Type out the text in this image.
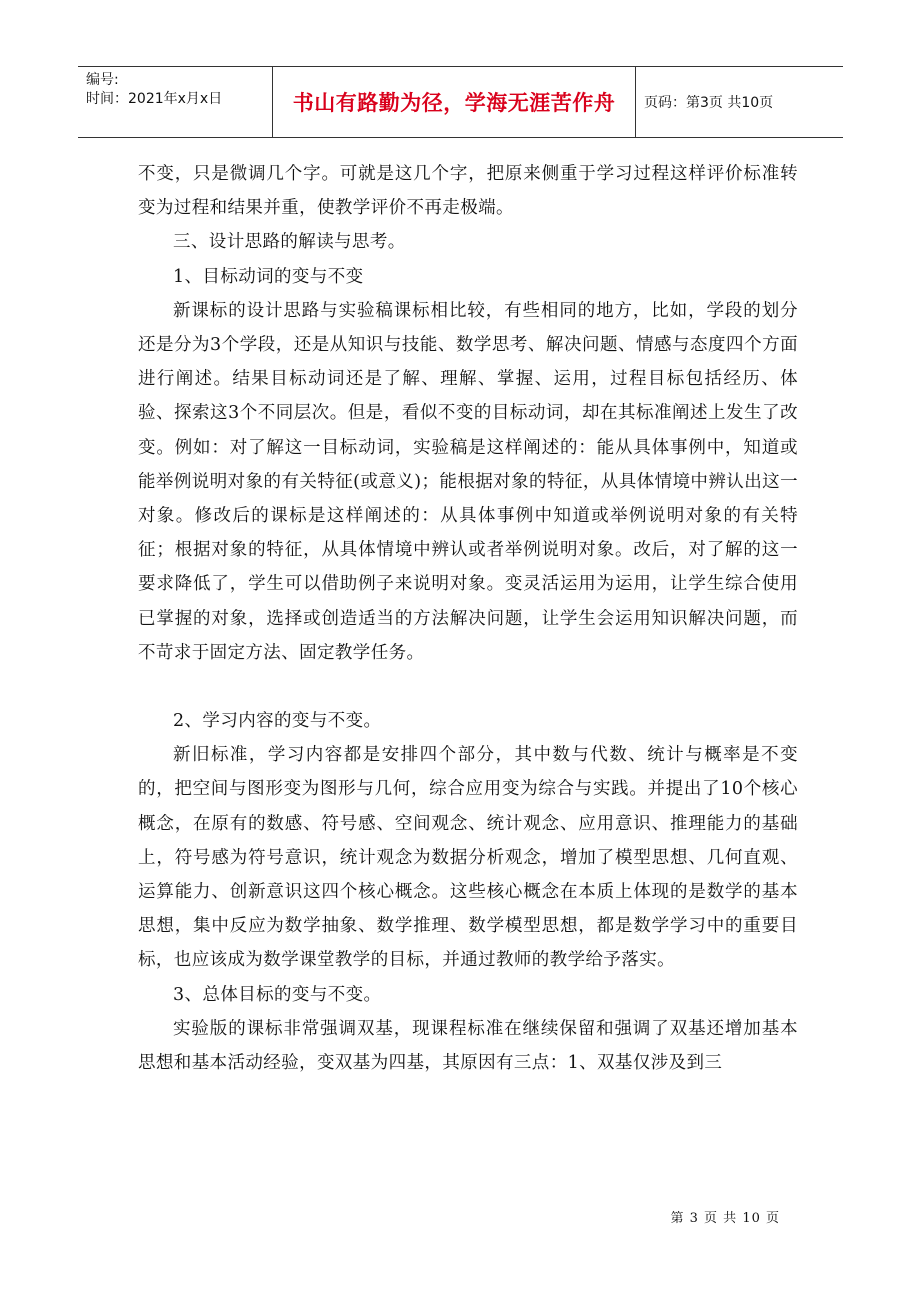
编号:
时间：2021年x月x日	书山有路勤为径，学海无涯苦作舟	页码：第3页 共10页

不变，只是微调几个字。可就是这几个字，把原来侧重于学习过程这样评价标准转变为过程和结果并重，使教学评价不再走极端。

三、设计思路的解读与思考。

1、目标动词的变与不变

新课标的设计思路与实验稿课标相比较，有些相同的地方，比如，学段的划分还是分为3个学段，还是从知识与技能、数学思考、解决问题、情感与态度四个方面进行阐述。结果目标动词还是了解、理解、掌握、运用，过程目标包括经历、体验、探索这3个不同层次。但是，看似不变的目标动词，却在其标准阐述上发生了改变。例如：对了解这一目标动词，实验稿是这样阐述的：能从具体事例中，知道或能举例说明对象的有关特征(或意义)；能根据对象的特征，从具体情境中辨认出这一对象。修改后的课标是这样阐述的：从具体事例中知道或举例说明对象的有关特征；根据对象的特征，从具体情境中辨认或者举例说明对象。改后，对了解的这一要求降低了，学生可以借助例子来说明对象。变灵活运用为运用，让学生综合使用已掌握的对象，选择或创造适当的方法解决问题，让学生会运用知识解决问题，而不苛求于固定方法、固定教学任务。

2、学习内容的变与不变。

新旧标准，学习内容都是安排四个部分，其中数与代数、统计与概率是不变的，把空间与图形变为图形与几何，综合应用变为综合与实践。并提出了10个核心概念，在原有的数感、符号感、空间观念、统计观念、应用意识、推理能力的基础上，符号感为符号意识，统计观念为数据分析观念，增加了模型思想、几何直观、运算能力、创新意识这四个核心概念。这些核心概念在本质上体现的是数学的基本思想，集中反应为数学抽象、数学推理、数学模型思想，都是数学学习中的重要目标，也应该成为数学课堂教学的目标，并通过教师的教学给予落实。

3、总体目标的变与不变。

实验版的课标非常强调双基，现课程标准在继续保留和强调了双基还增加基本思想和基本活动经验，变双基为四基，其原因有三点：1、双基仅涉及到三

第 3 页 共 10 页
